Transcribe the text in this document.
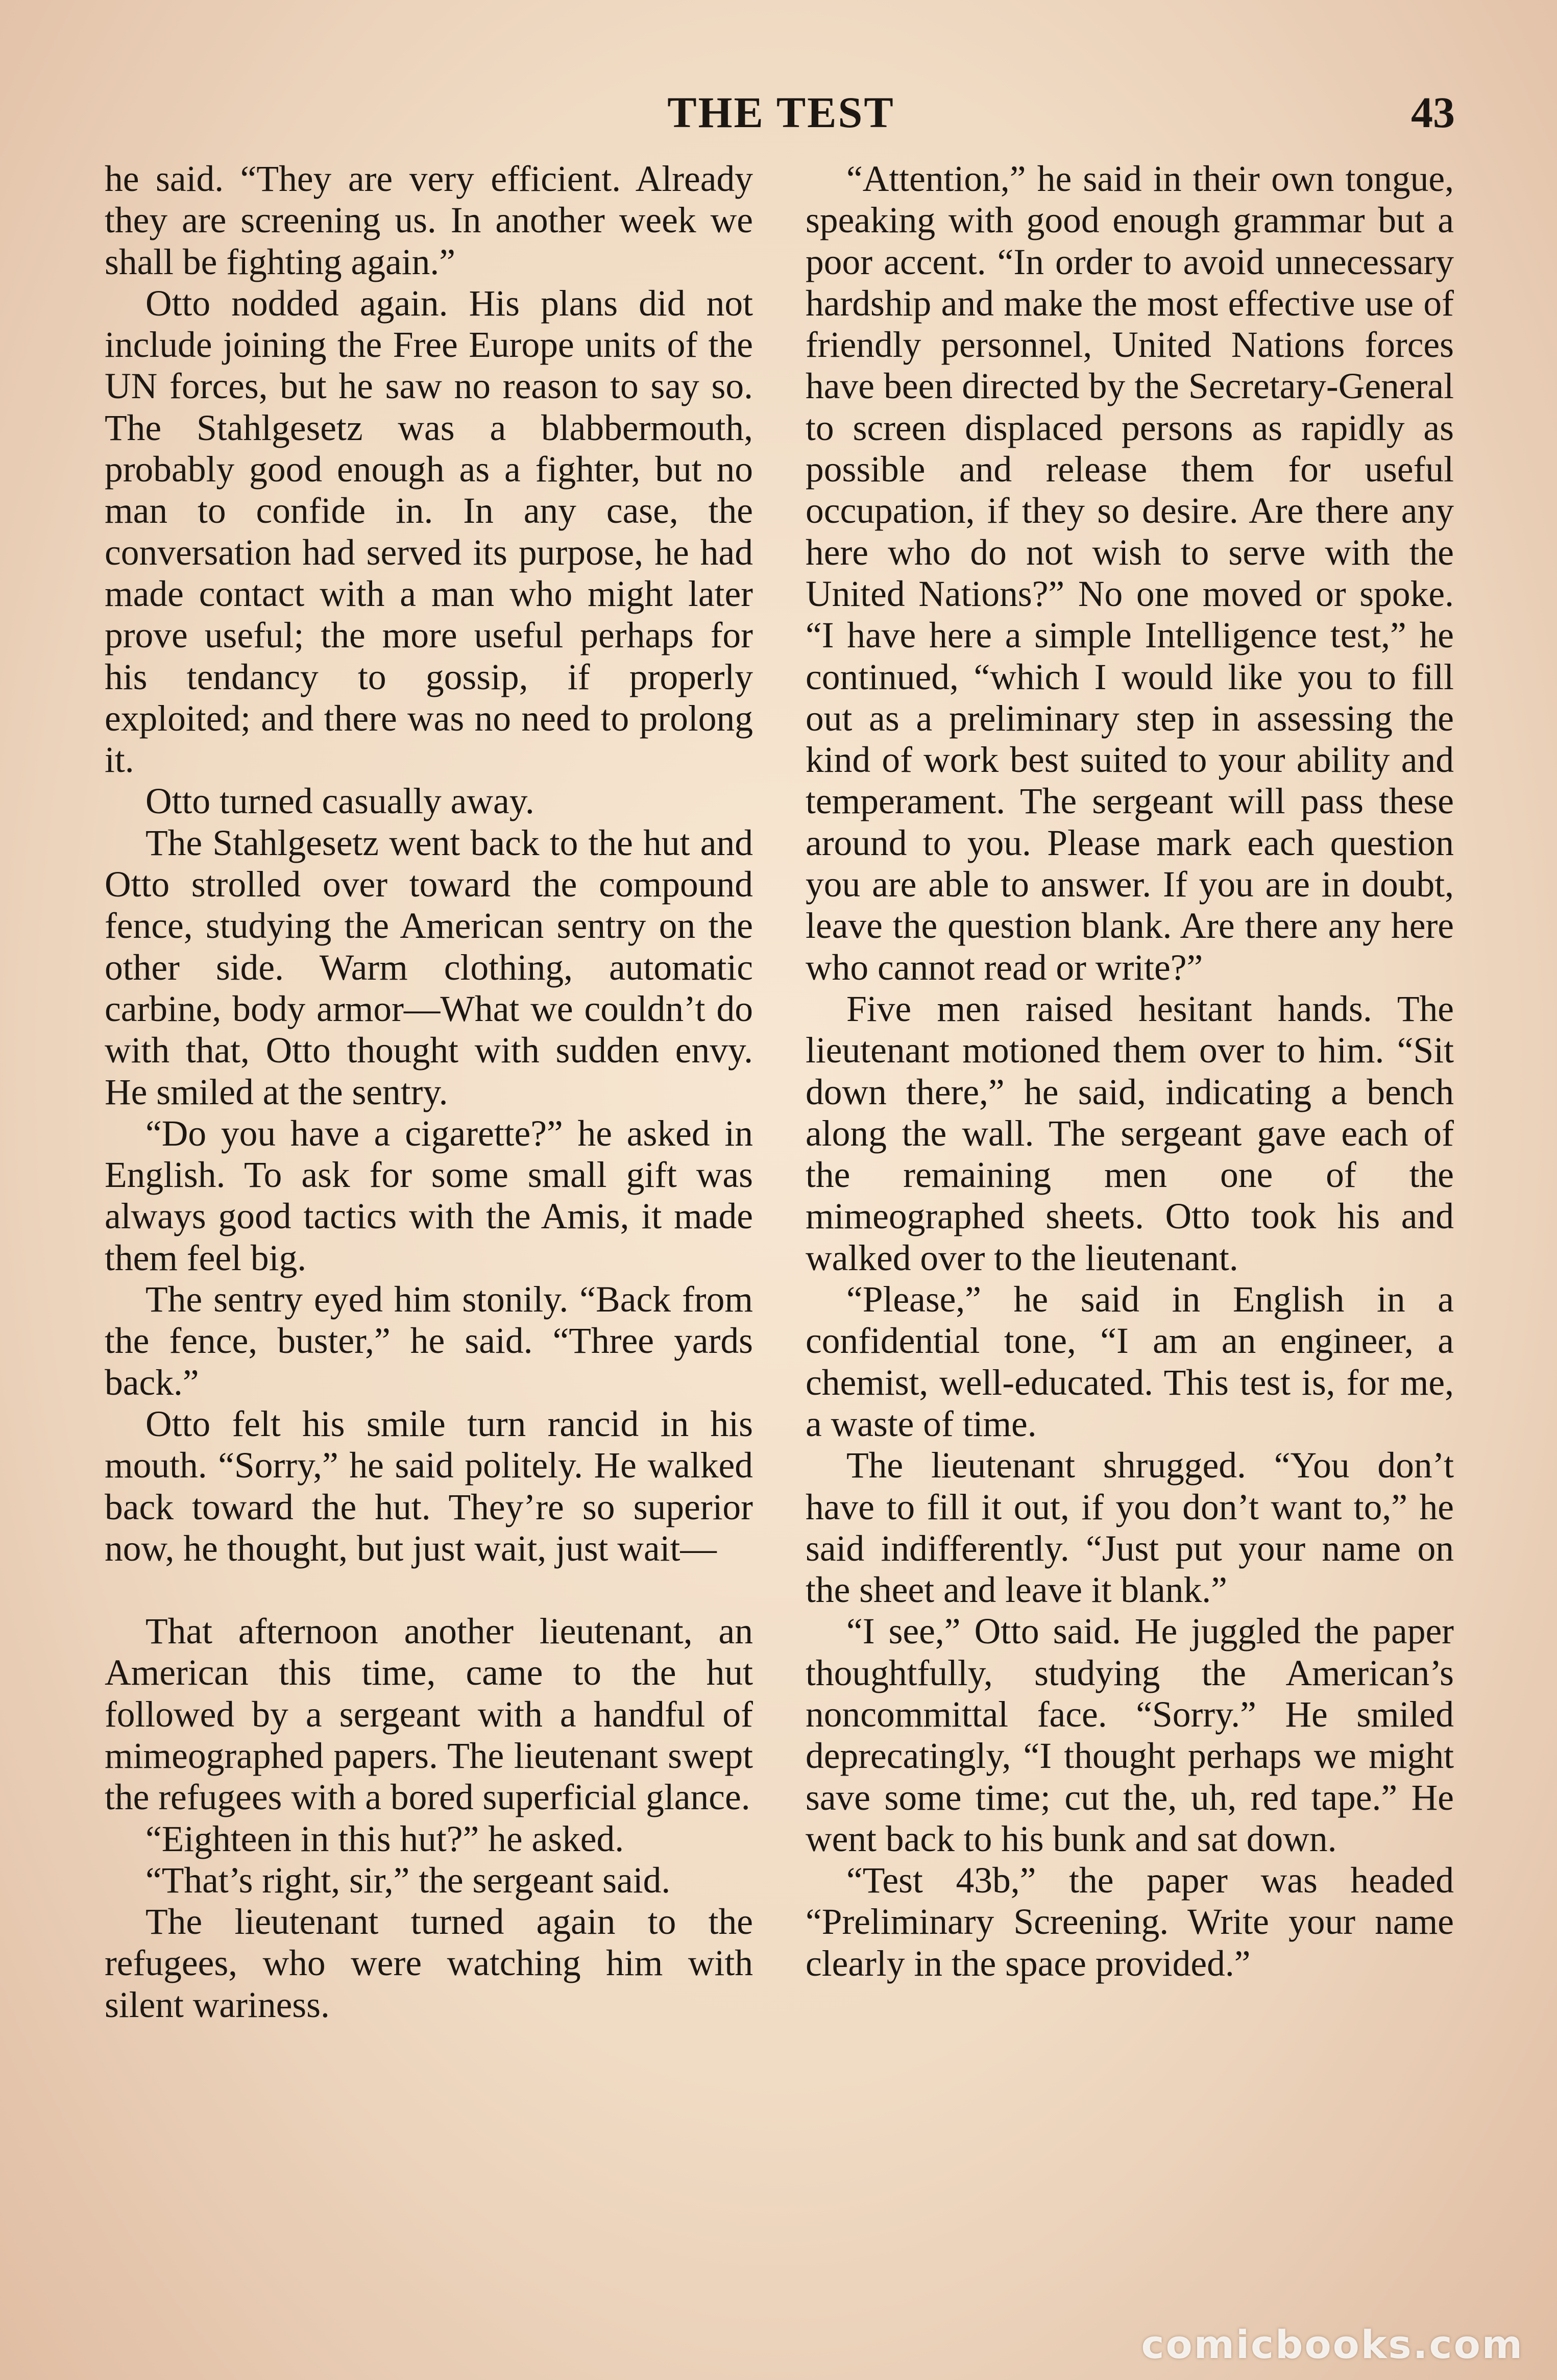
THE TEST	43

he said. “They are very efficient. Already they are screening us. In another week we shall be fighting again.”

Otto nodded again. His plans did not include joining the Free Europe units of the UN forces, but he saw no reason to say so. The Stahlgesetz was a blabbermouth, probably good enough as a fighter, but no man to confide in. In any case, the conversation had served its purpose, he had made contact with a man who might later prove useful; the more useful perhaps for his tendancy to gossip, if properly exploited; and there was no need to prolong it.

Otto turned casually away.

The Stahlgesetz went back to the hut and Otto strolled over toward the compound fence, studying the American sentry on the other side. Warm clothing, automatic carbine, body armor—What we couldn’t do with that, Otto thought with sudden envy. He smiled at the sentry.

“Do you have a cigarette?” he asked in English. To ask for some small gift was always good tactics with the Amis, it made them feel big.

The sentry eyed him stonily. “Back from the fence, buster,” he said. “Three yards back.”

Otto felt his smile turn rancid in his mouth. “Sorry,” he said politely. He walked back toward the hut. They’re so superior now, he thought, but just wait, just wait—

That afternoon another lieutenant, an American this time, came to the hut followed by a sergeant with a handful of mimeographed papers. The lieutenant swept the refugees with a bored superficial glance.

“Eighteen in this hut?” he asked.

“That’s right, sir,” the sergeant said.

The lieutenant turned again to the refugees, who were watching him with silent wariness.

“Attention,” he said in their own tongue, speaking with good enough grammar but a poor accent. “In order to avoid unnecessary hardship and make the most effective use of friendly personnel, United Nations forces have been directed by the Secretary-General to screen displaced persons as rapidly as possible and release them for useful occupation, if they so desire. Are there any here who do not wish to serve with the United Nations?” No one moved or spoke. “I have here a simple Intelligence test,” he continued, “which I would like you to fill out as a preliminary step in assessing the kind of work best suited to your ability and temperament. The sergeant will pass these around to you. Please mark each question you are able to answer. If you are in doubt, leave the question blank. Are there any here who cannot read or write?”

Five men raised hesitant hands. The lieutenant motioned them over to him. “Sit down there,” he said, indicating a bench along the wall. The sergeant gave each of the remaining men one of the mimeographed sheets. Otto took his and walked over to the lieutenant.

“Please,” he said in English in a confidential tone, “I am an engineer, a chemist, well-educated. This test is, for me, a waste of time.

The lieutenant shrugged. “You don’t have to fill it out, if you don’t want to,” he said indifferently. “Just put your name on the sheet and leave it blank.”

“I see,” Otto said. He juggled the paper thoughtfully, studying the American’s noncommittal face. “Sorry.” He smiled deprecatingly, “I thought perhaps we might save some time; cut the, uh, red tape.” He went back to his bunk and sat down.

“Test 43b,” the paper was headed “Preliminary Screening. Write your name clearly in the space provided.”

comicbooks.com
